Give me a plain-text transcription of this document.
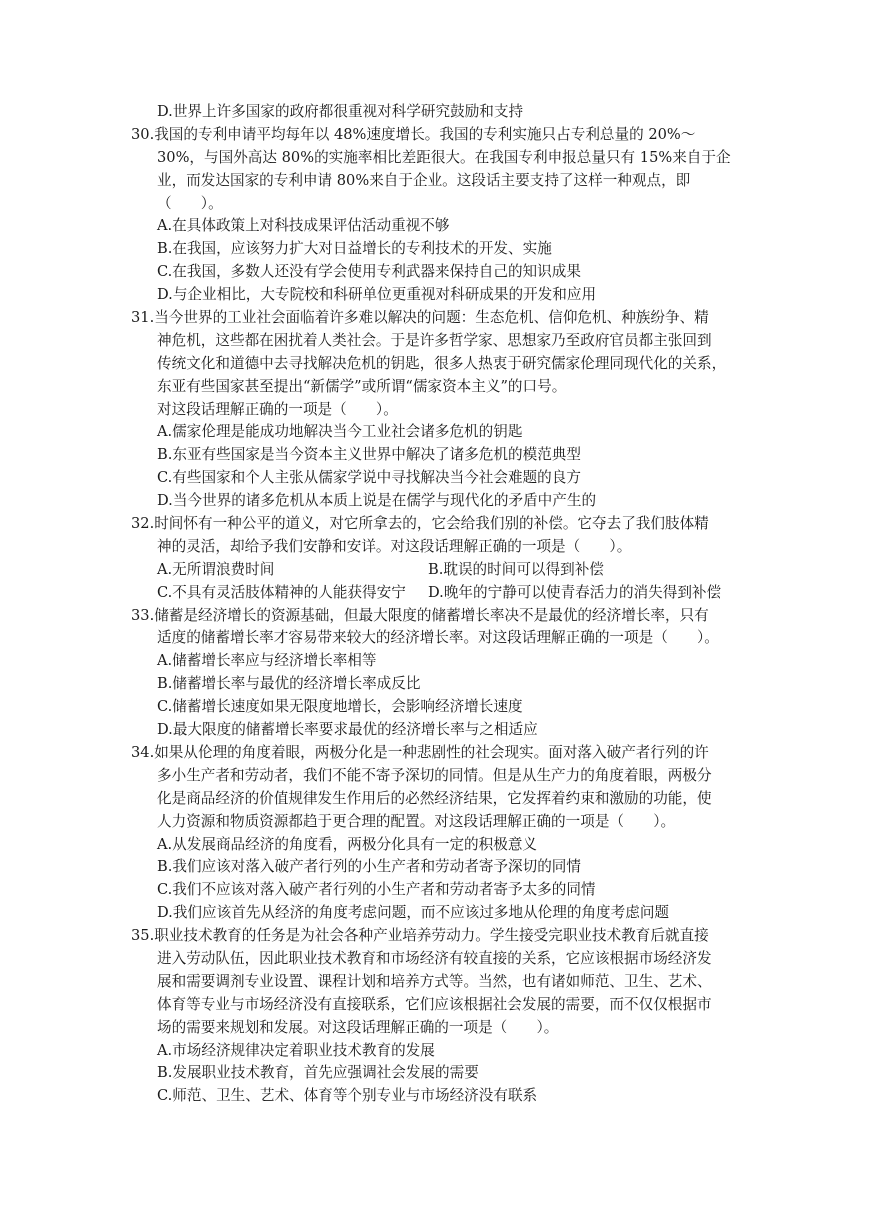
D.世界上许多国家的政府都很重视对科学研究鼓励和支持
30.我国的专利申请平均每年以 48%速度增长。我国的专利实施只占专利总量的 20%～
30%，与国外高达 80%的实施率相比差距很大。在我国专利申报总量只有 15%来自于企
业，而发达国家的专利申请 80%来自于企业。这段话主要支持了这样一种观点，即
（　　）。
A.在具体政策上对科技成果评估活动重视不够
B.在我国，应该努力扩大对日益增长的专利技术的开发、实施
C.在我国，多数人还没有学会使用专利武器来保持自己的知识成果
D.与企业相比，大专院校和科研单位更重视对科研成果的开发和应用
31.当今世界的工业社会面临着许多难以解决的问题：生态危机、信仰危机、种族纷争、精
神危机，这些都在困扰着人类社会。于是许多哲学家、思想家乃至政府官员都主张回到
传统文化和道德中去寻找解决危机的钥匙，很多人热衷于研究儒家伦理同现代化的关系，
东亚有些国家甚至提出“新儒学”或所谓“儒家资本主义”的口号。
对这段话理解正确的一项是（　　）。
A.儒家伦理是能成功地解决当今工业社会诸多危机的钥匙
B.东亚有些国家是当今资本主义世界中解决了诸多危机的模范典型
C.有些国家和个人主张从儒家学说中寻找解决当今社会难题的良方
D.当今世界的诸多危机从本质上说是在儒学与现代化的矛盾中产生的
32.时间怀有一种公平的道义，对它所拿去的，它会给我们别的补偿。它夺去了我们肢体精
神的灵活，却给予我们安静和安详。对这段话理解正确的一项是（　　）。
A.无所谓浪费时间	B.耽误的时间可以得到补偿
C.不具有灵活肢体精神的人能获得安宁 D.晚年的宁静可以使青春活力的消失得到补偿
33.储蓄是经济增长的资源基础，但最大限度的储蓄增长率决不是最优的经济增长率，只有
适度的储蓄增长率才容易带来较大的经济增长率。对这段话理解正确的一项是（　　）。
A.储蓄增长率应与经济增长率相等
B.储蓄增长率与最优的经济增长率成反比
C.储蓄增长速度如果无限度地增长，会影响经济增长速度
D.最大限度的储蓄增长率要求最优的经济增长率与之相适应
34.如果从伦理的角度着眼，两极分化是一种悲剧性的社会现实。面对落入破产者行列的许
多小生产者和劳动者，我们不能不寄予深切的同情。但是从生产力的角度着眼，两极分
化是商品经济的价值规律发生作用后的必然经济结果，它发挥着约束和激励的功能，使
人力资源和物质资源都趋于更合理的配置。对这段话理解正确的一项是（　　）。
A.从发展商品经济的角度看，两极分化具有一定的积极意义
B.我们应该对落入破产者行列的小生产者和劳动者寄予深切的同情
C.我们不应该对落入破产者行列的小生产者和劳动者寄予太多的同情
D.我们应该首先从经济的角度考虑问题，而不应该过多地从伦理的角度考虑问题
35.职业技术教育的任务是为社会各种产业培养劳动力。学生接受完职业技术教育后就直接
进入劳动队伍，因此职业技术教育和市场经济有较直接的关系，它应该根据市场经济发
展和需要调剂专业设置、课程计划和培养方式等。当然，也有诸如师范、卫生、艺术、
体育等专业与市场经济没有直接联系，它们应该根据社会发展的需要，而不仅仅根据市
场的需要来规划和发展。对这段话理解正确的一项是（　　）。
A.市场经济规律决定着职业技术教育的发展
B.发展职业技术教育，首先应强调社会发展的需要
C.师范、卫生、艺术、体育等个别专业与市场经济没有联系
